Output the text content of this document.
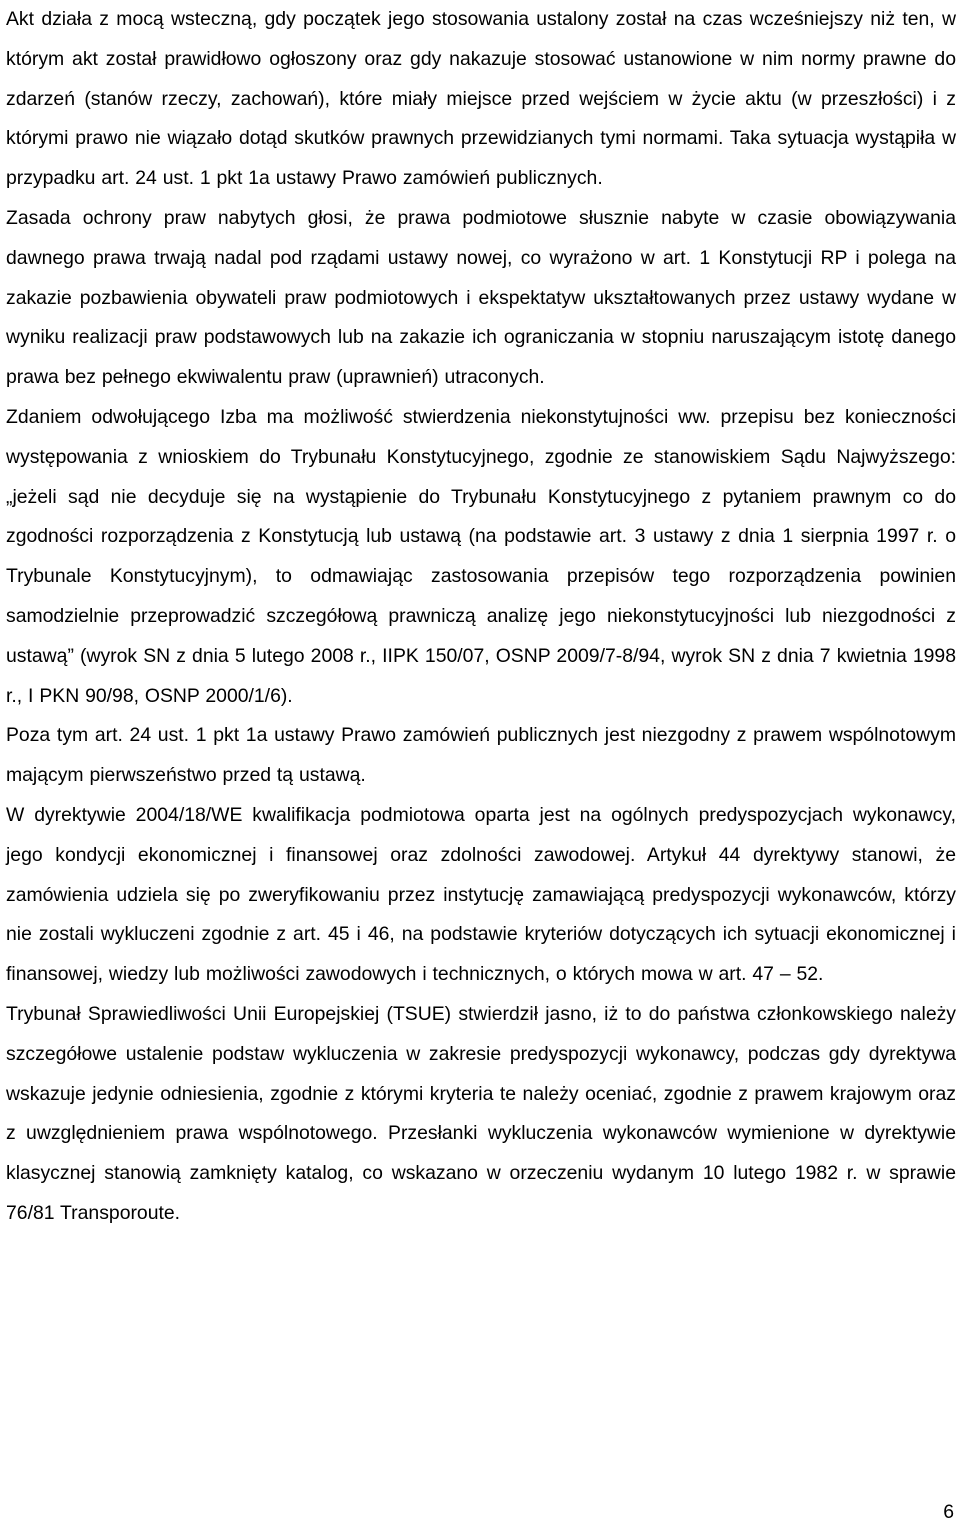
Akt działa z mocą wsteczną, gdy początek jego stosowania ustalony został na czas wcześniejszy niż ten, w którym akt został prawidłowo ogłoszony oraz gdy nakazuje stosować ustanowione w nim normy prawne do zdarzeń (stanów rzeczy, zachowań), które miały miejsce przed wejściem w życie aktu (w przeszłości) i z którymi prawo nie wiązało dotąd skutków prawnych przewidzianych tymi normami. Taka sytuacja wystąpiła w przypadku art. 24 ust. 1 pkt 1a ustawy Prawo zamówień publicznych.

Zasada ochrony praw nabytych głosi, że prawa podmiotowe słusznie nabyte w czasie obowiązywania dawnego prawa trwają nadal pod rządami ustawy nowej, co wyrażono w art. 1 Konstytucji RP i polega na zakazie pozbawienia obywateli praw podmiotowych i ekspektatyw ukształtowanych przez ustawy wydane w wyniku realizacji praw podstawowych lub na zakazie ich ograniczania w stopniu naruszającym istotę danego prawa bez pełnego ekwiwalentu praw (uprawnień) utraconych.

Zdaniem odwołującego Izba ma możliwość stwierdzenia niekonstytujności ww. przepisu bez konieczności występowania z wnioskiem do Trybunału Konstytucyjnego, zgodnie ze stanowiskiem Sądu Najwyższego: „jeżeli sąd nie decyduje się na wystąpienie do Trybunału Konstytucyjnego z pytaniem prawnym co do zgodności rozporządzenia z Konstytucją lub ustawą (na podstawie art. 3 ustawy z dnia 1 sierpnia 1997 r. o Trybunale Konstytucyjnym), to odmawiając zastosowania przepisów tego rozporządzenia powinien samodzielnie przeprowadzić szczegółową prawniczą analizę jego niekonstytucyjności lub niezgodności z ustawą” (wyrok SN z dnia 5 lutego 2008 r., IIPK 150/07, OSNP 2009/7-8/94, wyrok SN z dnia 7 kwietnia 1998 r., I PKN 90/98, OSNP 2000/1/6).

Poza tym art. 24 ust. 1 pkt 1a ustawy Prawo zamówień publicznych jest niezgodny z prawem wspólnotowym mającym pierwszeństwo przed tą ustawą.

W dyrektywie 2004/18/WE kwalifikacja podmiotowa oparta jest na ogólnych predyspozycjach wykonawcy, jego kondycji ekonomicznej i finansowej oraz zdolności zawodowej. Artykuł 44 dyrektywy stanowi, że zamówienia udziela się po zweryfikowaniu przez instytucję zamawiającą predyspozycji wykonawców, którzy nie zostali wykluczeni zgodnie z art. 45 i 46, na podstawie kryteriów dotyczących ich sytuacji ekonomicznej i finansowej, wiedzy lub możliwości zawodowych i technicznych, o których mowa w art. 47 – 52.

Trybunał Sprawiedliwości Unii Europejskiej (TSUE) stwierdził jasno, iż to do państwa członkowskiego należy szczegółowe ustalenie podstaw wykluczenia w zakresie predyspozycji wykonawcy, podczas gdy dyrektywa wskazuje jedynie odniesienia, zgodnie z którymi kryteria te należy oceniać, zgodnie z prawem krajowym oraz z uwzględnieniem prawa wspólnotowego. Przesłanki wykluczenia wykonawców wymienione w dyrektywie klasycznej stanowią zamknięty katalog, co wskazano w orzeczeniu wydanym 10 lutego 1982 r. w sprawie 76/81 Transporoute.

6
